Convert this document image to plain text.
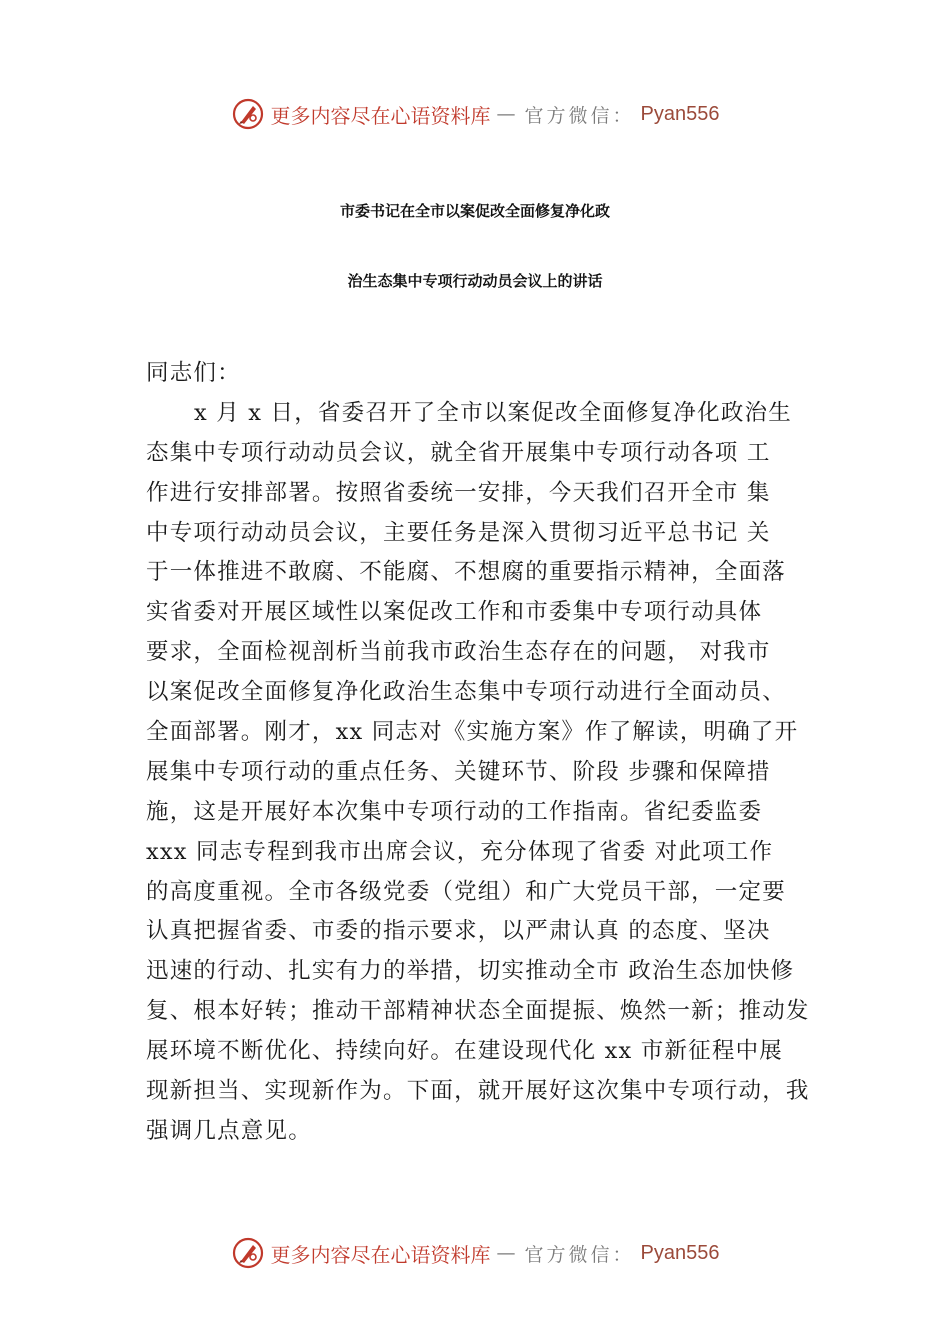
更多内容尽在心语资料库 — 官方微信： Pyan556
市委书记在全市以案促改全面修复净化政
治生态集中专项行动动员会议上的讲话
同志们：
x 月 x 日，省委召开了全市以案促改全面修复净化政治生
态集中专项行动动员会议，就全省开展集中专项行动各项 工
作进行安排部署。按照省委统一安排，今天我们召开全市 集
中专项行动动员会议，主要任务是深入贯彻习近平总书记 关
于一体推进不敢腐、不能腐、不想腐的重要指示精神，全面落
实省委对开展区域性以案促改工作和市委集中专项行动具体
要求，全面检视剖析当前我市政治生态存在的问题， 对我市
以案促改全面修复净化政治生态集中专项行动进行全面动员、
全面部署。刚才，xx 同志对《实施方案》作了解读，明确了开
展集中专项行动的重点任务、关键环节、阶段 步骤和保障措
施，这是开展好本次集中专项行动的工作指南。省纪委监委
xxx 同志专程到我市出席会议，充分体现了省委 对此项工作
的高度重视。全市各级党委（党组）和广大党员干部，一定要
认真把握省委、市委的指示要求，以严肃认真 的态度、坚决
迅速的行动、扎实有力的举措，切实推动全市 政治生态加快修
复、根本好转；推动干部精神状态全面提振、焕然一新；推动发
展环境不断优化、持续向好。在建设现代化 xx 市新征程中展
现新担当、实现新作为。下面，就开展好这次集中专项行动，我
强调几点意见。
更多内容尽在心语资料库 — 官方微信： Pyan556
